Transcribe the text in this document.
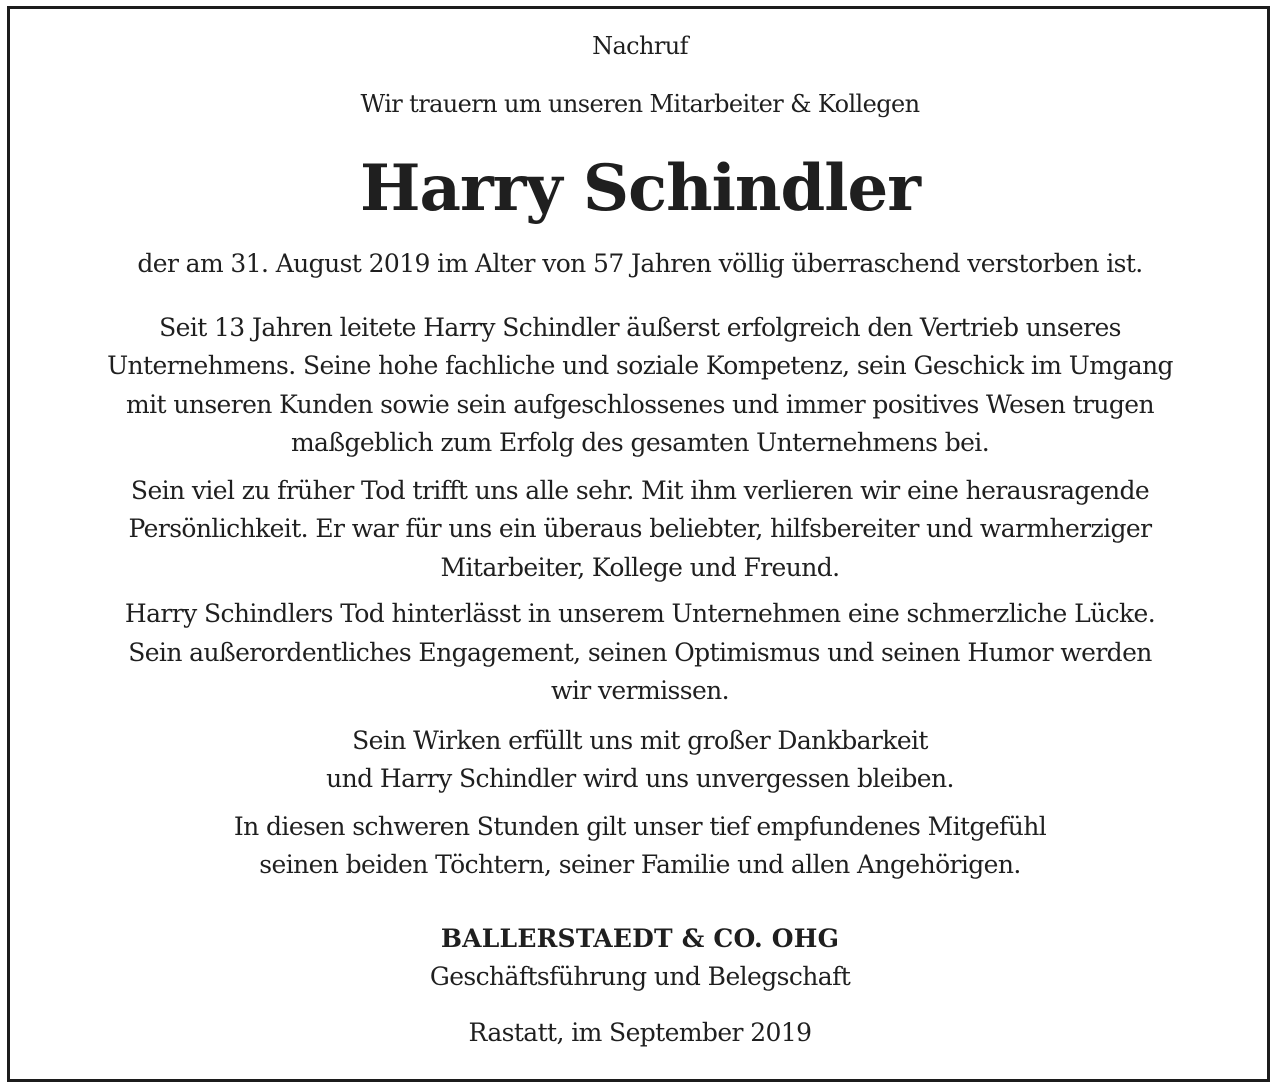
Nachruf
Wir trauern um unseren Mitarbeiter & Kollegen
Harry Schindler
der am 31. August 2019 im Alter von 57 Jahren völlig überraschend verstorben ist.
Seit 13 Jahren leitete Harry Schindler äußerst erfolgreich den Vertrieb unseres
Unternehmens. Seine hohe fachliche und soziale Kompetenz, sein Geschick im Umgang
mit unseren Kunden sowie sein aufgeschlossenes und immer positives Wesen trugen
maßgeblich zum Erfolg des gesamten Unternehmens bei.
Sein viel zu früher Tod trifft uns alle sehr. Mit ihm verlieren wir eine herausragende
Persönlichkeit. Er war für uns ein überaus beliebter, hilfsbereiter und warmherziger
Mitarbeiter, Kollege und Freund.
Harry Schindlers Tod hinterlässt in unserem Unternehmen eine schmerzliche Lücke.
Sein außerordentliches Engagement, seinen Optimismus und seinen Humor werden
wir vermissen.
Sein Wirken erfüllt uns mit großer Dankbarkeit
und Harry Schindler wird uns unvergessen bleiben.
In diesen schweren Stunden gilt unser tief empfundenes Mitgefühl
seinen beiden Töchtern, seiner Familie und allen Angehörigen.
BALLERSTAEDT & CO. OHG
Geschäftsführung und Belegschaft
Rastatt, im September 2019
